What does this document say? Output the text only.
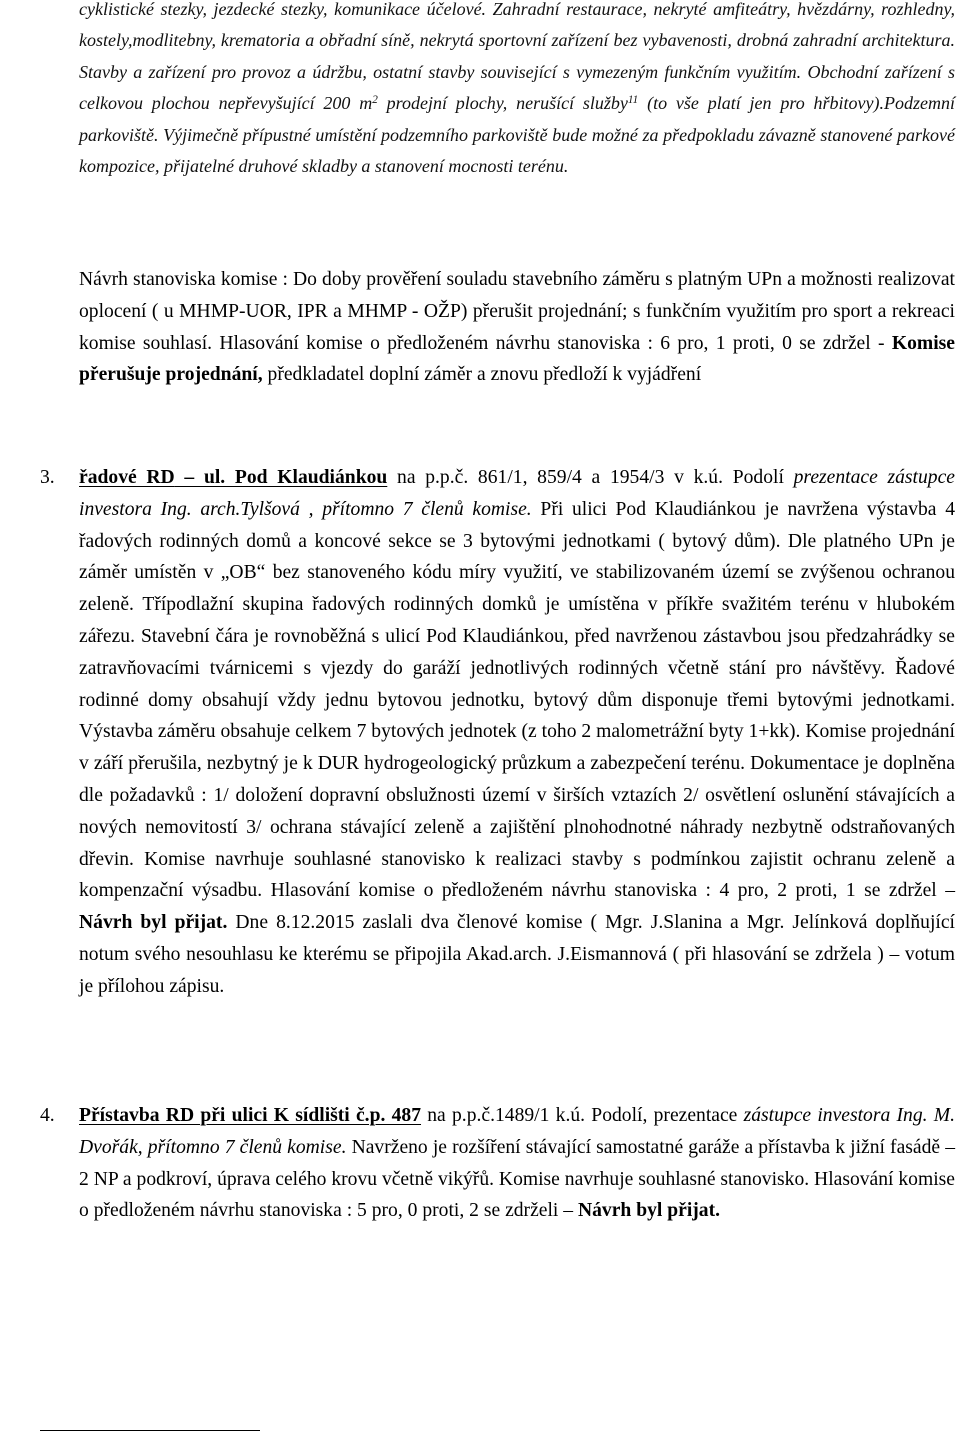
cyklistické stezky, jezdecké stezky, komunikace účelové. Zahradní restaurace, nekryté amfiteátry, hvězdárny, rozhledny, kostely,modlitebny, krematoria a obřadní síně, nekrytá sportovní zařízení bez vybavenosti, drobná zahradní architektura. Stavby a zařízení pro provoz a údržbu, ostatní stavby související s vymezeným funkčním využitím. Obchodní zařízení s celkovou plochou nepřevyšující 200 $m^2$ prodejní plochy, nerušící služby$^{11}$ (to vše platí jen pro hřbitovy).Podzemní parkoviště. Výjimečně přípustné umístění podzemního parkoviště bude možné za předpokladu závazně stanovené parkové kompozice, přijatelné druhové skladby a stanovení mocnosti terénu.

Návrh stanoviska komise : Do doby prověření souladu stavebního záměru s platným UPn a možnosti realizovat oplocení ( u MHMP-UOR, IPR a MHMP - OŽP) přerušit projednání; s funkčním využitím pro sport a rekreaci komise souhlasí. Hlasování komise o předloženém návrhu stanoviska : 6 pro, 1 proti, 0 se zdržel - Komise přerušuje projednání, předkladatel doplní záměr a znovu předloží k vyjádření

3. řadové RD – ul. Pod Klaudiánkou na p.p.č. 861/1, 859/4 a 1954/3 v k.ú. Podolí prezentace zástupce investora Ing. arch.Tylšová , přítomno 7 členů komise. Při ulici Pod Klaudiánkou je navržena výstavba 4 řadových rodinných domů a koncové sekce se 3 bytovými jednotkami ( bytový dům). Dle platného UPn je záměr umístěn v „OB“ bez stanoveného kódu míry využití, ve stabilizovaném území se zvýšenou ochranou zeleně. Třípodlažní skupina řadových rodinných domků je umístěna v příkře svažitém terénu v hlubokém zářezu. Stavební čára je rovnoběžná s ulicí Pod Klaudiánkou, před navrženou zástavbou jsou předzahrádky se zatravňovacími tvárnicemi s vjezdy do garáží jednotlivých rodinných včetně stání pro návštěvy. Řadové rodinné domy obsahují vždy jednu bytovou jednotku, bytový dům disponuje třemi bytovými jednotkami. Výstavba záměru obsahuje celkem 7 bytových jednotek (z toho 2 malometrážní byty 1+kk). Komise projednání v září přerušila, nezbytný je k DUR hydrogeologický průzkum a zabezpečení terénu. Dokumentace je doplněna dle požadavků : 1/ doložení dopravní obslužnosti území v širších vztazích 2/ osvětlení oslunění stávajících a nových nemovitostí 3/ ochrana stávající zeleně a zajištění plnohodnotné náhrady nezbytně odstraňovaných dřevin. Komise navrhuje souhlasné stanovisko k realizaci stavby s podmínkou zajistit ochranu zeleně a kompenzační výsadbu. Hlasování komise o předloženém návrhu stanoviska : 4 pro, 2 proti, 1 se zdržel – Návrh byl přijat. Dne 8.12.2015 zaslali dva členové komise ( Mgr. J.Slanina a Mgr. Jelínková doplňující notum svého nesouhlasu ke kterému se připojila Akad.arch. J.Eismannová ( při hlasování se zdržela ) – votum je přílohou zápisu.
4. Přístavba RD při ulici K sídlišti č.p. 487 na p.p.č.1489/1 k.ú. Podolí, prezentace zástupce investora Ing. M. Dvořák, přítomno 7 členů komise. Navrženo je rozšíření stávající samostatné garáže a přístavba k jižní fasádě – 2 NP a podkroví, úprava celého krovu včetně vikýřů. Komise navrhuje souhlasné stanovisko. Hlasování komise o předloženém návrhu stanoviska : 5 pro, 0 proti, 2 se zdrželi – Návrh byl přijat.
